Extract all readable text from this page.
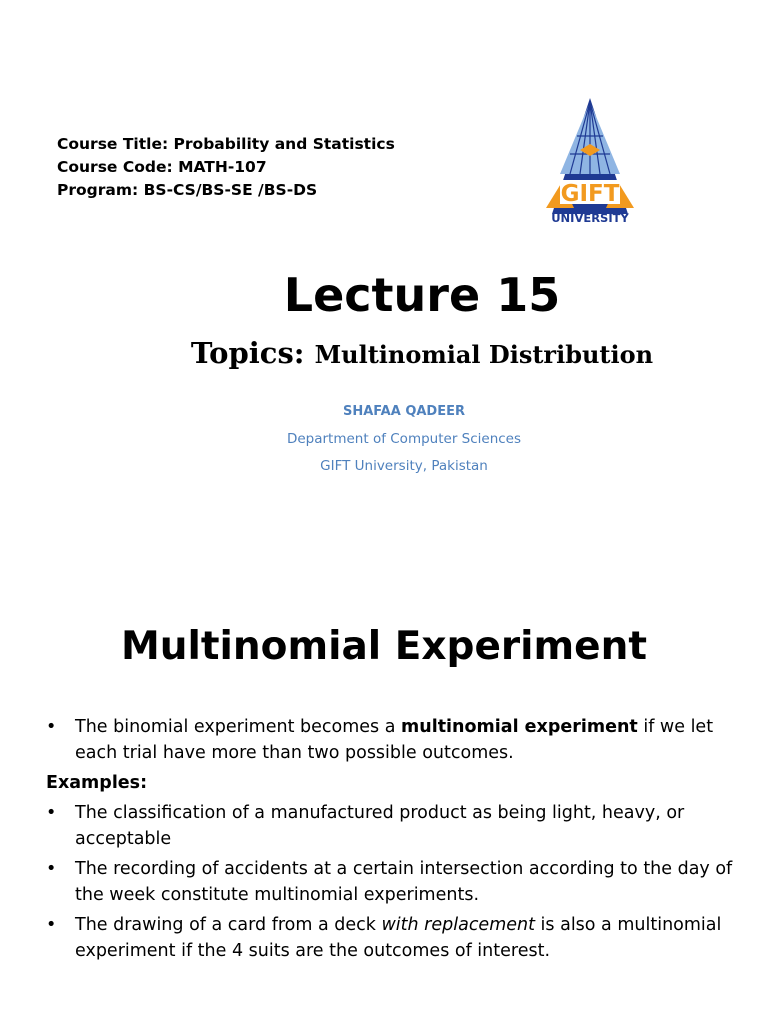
Course Title: Probability and Statistics
Course Code: MATH-107
Program: BS-CS/BS-SE /BS-DS	GIFT
UNIVERSITY
Lecture 15
Topics: Multinomial Distribution
SHAFAA QADEER
Department of Computer Sciences
GIFT University, Pakistan
Multinomial Experiment
• The binomial experiment becomes a multinomial experiment if we let each trial have more than two possible outcomes.
Examples:
• The classification of a manufactured product as being light, heavy, or acceptable
• The recording of accidents at a certain intersection according to the day of the week constitute multinomial experiments.
• The drawing of a card from a deck with replacement is also a multinomial experiment if the 4 suits are the outcomes of interest.
